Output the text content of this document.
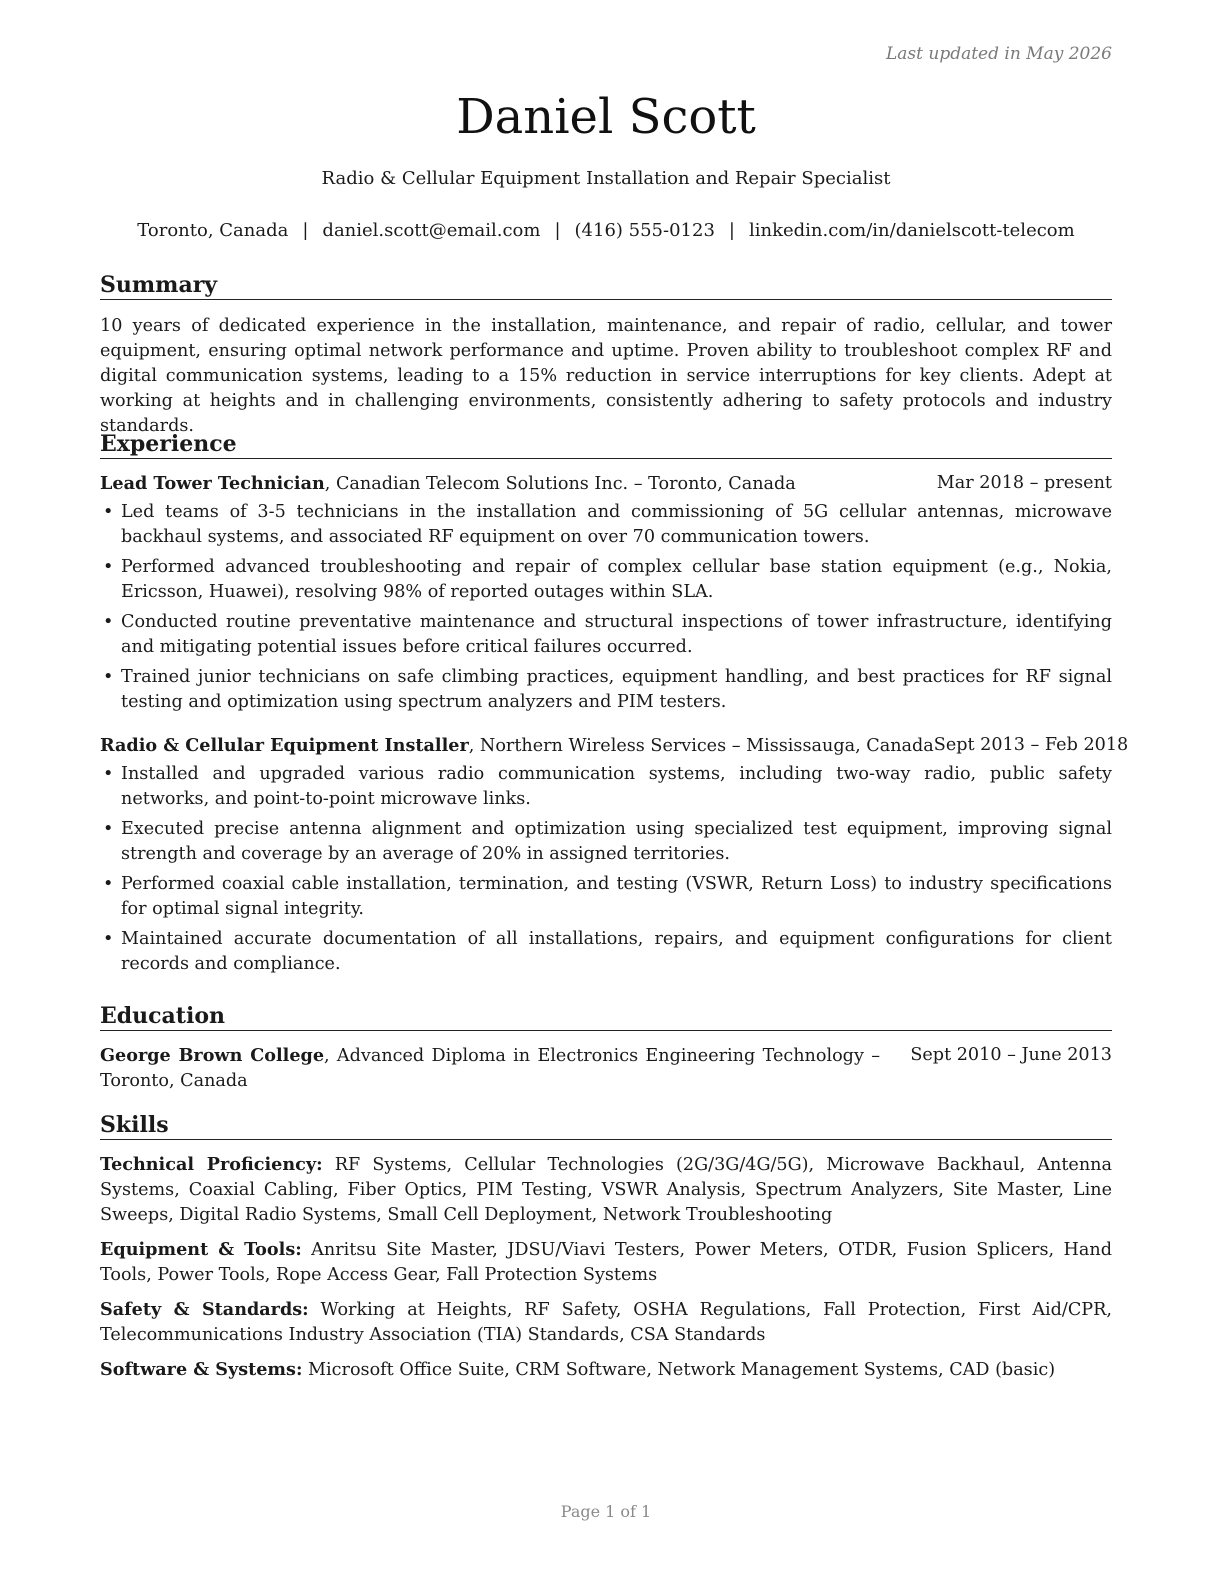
Last updated in May 2026
Daniel Scott
Radio & Cellular Equipment Installation and Repair Specialist
Toronto, Canada | daniel.scott@email.com | (416) 555-0123 | linkedin.com/in/danielscott-telecom
Summary

10 years of dedicated experience in the installation, maintenance, and repair of radio, cellular, and tower equipment, ensuring optimal network performance and uptime. Proven ability to troubleshoot complex RF and digital communication systems, leading to a 15% reduction in service interruptions for key clients. Adept at working at heights and in challenging environments, consistently adhering to safety protocols and industry standards.

Experience
Lead Tower Technician, Canadian Telecom Solutions Inc. – Toronto, Canada	Mar 2018 – present
• Led teams of 3-5 technicians in the installation and commissioning of 5G cellular antennas, microwave backhaul systems, and associated RF equipment on over 70 communication towers.
• Performed advanced troubleshooting and repair of complex cellular base station equipment (e.g., Nokia, Ericsson, Huawei), resolving 98% of reported outages within SLA.
• Conducted routine preventative maintenance and structural inspections of tower infrastructure, identifying and mitigating potential issues before critical failures occurred.
• Trained junior technicians on safe climbing practices, equipment handling, and best practices for RF signal testing and optimization using spectrum analyzers and PIM testers.
Radio & Cellular Equipment Installer, Northern Wireless Services – Mississauga, Canada Sept 2013 – Feb 2018
• Installed and upgraded various radio communication systems, including two-way radio, public safety networks, and point-to-point microwave links.
• Executed precise antenna alignment and optimization using specialized test equipment, improving signal strength and coverage by an average of 20% in assigned territories.
• Performed coaxial cable installation, termination, and testing (VSWR, Return Loss) to industry specifications for optimal signal integrity.
• Maintained accurate documentation of all installations, repairs, and equipment configurations for client records and compliance.
Education
George Brown College, Advanced Diploma in Electronics Engineering Technology – Toronto, Canada
Sept 2010 – June 2013
Skills

Technical Proficiency: RF Systems, Cellular Technologies (2G/3G/4G/5G), Microwave Backhaul, Antenna Systems, Coaxial Cabling, Fiber Optics, PIM Testing, VSWR Analysis, Spectrum Analyzers, Site Master, Line Sweeps, Digital Radio Systems, Small Cell Deployment, Network Troubleshooting

Equipment & Tools: Anritsu Site Master, JDSU/Viavi Testers, Power Meters, OTDR, Fusion Splicers, Hand Tools, Power Tools, Rope Access Gear, Fall Protection Systems

Safety & Standards: Working at Heights, RF Safety, OSHA Regulations, Fall Protection, First Aid/CPR, Telecommunications Industry Association (TIA) Standards, CSA Standards

Software & Systems: Microsoft Office Suite, CRM Software, Network Management Systems, CAD (basic)

Page 1 of 1
